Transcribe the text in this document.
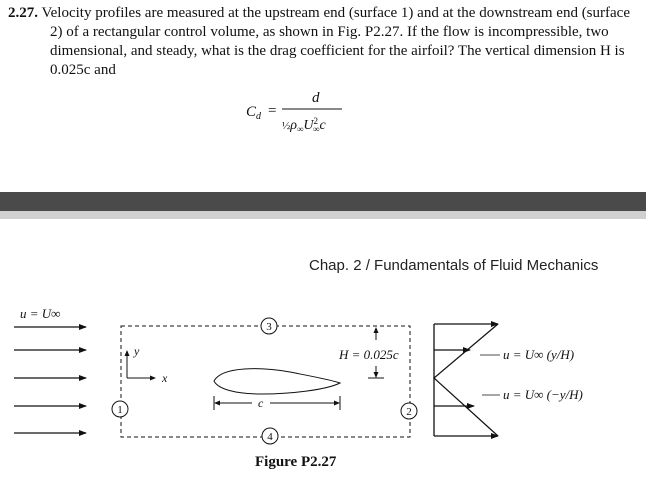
2.27. Velocity profiles are measured at the upstream end (surface 1) and at the downstream end (surface 2) of a rectangular control volume, as shown in Fig. P2.27. If the flow is incompressible, two dimensional, and steady, what is the drag coefficient for the airfoil? The vertical dimension H is 0.025c and
$C_d$ =
d
$\frac{1}{2}\rho_\infty U^2$ ∞c
Chap. 2 / Fundamentals of Fluid Mechanics
u = U∞
y
x
c
H = 0.025c
1	2
3
4
u = U∞ (y/H)
u = U∞ (−y/H)
Figure P2.27
